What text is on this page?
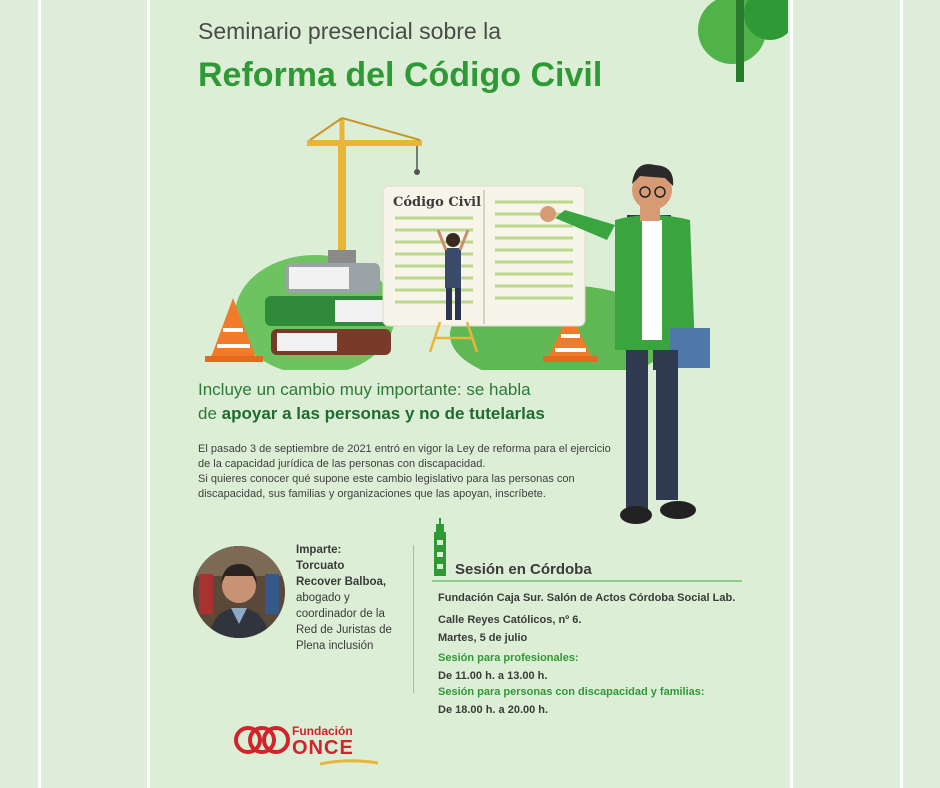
Seminario presencial sobre la
Reforma del Código Civil
Código Civil
Incluye un cambio muy importante: se habla
de apoyar a las personas y no de tutelarlas

El pasado 3 de septiembre de 2021 entró en vigor la Ley de reforma para el ejercicio de la capacidad jurídica de las personas con discapacidad.

Si quieres conocer qué supone este cambio legislativo para las personas con discapacidad, sus familias y organizaciones que las apoyan, inscríbete.

Imparte:
Torcuato
Recover Balboa,
abogado y coordinador de la Red de Juristas de Plena inclusión
Sesión en Córdoba
Fundación Caja Sur. Salón de Actos Córdoba Social Lab.
Calle Reyes Católicos, nº 6.
Martes, 5 de julio
Sesión para profesionales:
De 11.00 h. a 13.00 h.
Sesión para personas con discapacidad y familias:
De 18.00 h. a 20.00 h.
Fundación
ONCE
